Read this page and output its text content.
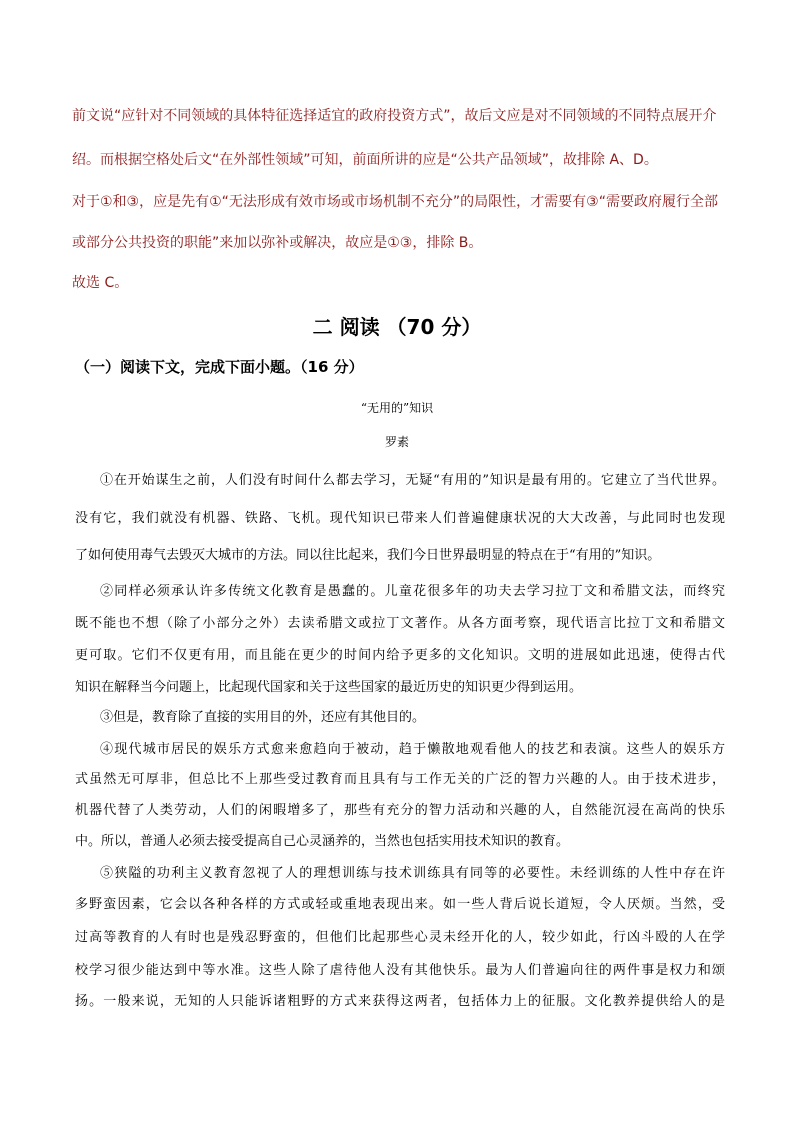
前文说“应针对不同领域的具体特征选择适宜的政府投资方式”，故后文应是对不同领域的不同特点展开介
绍。而根据空格处后文“在外部性领域”可知，前面所讲的应是“公共产品领域”，故排除 A、D。
对于①和③，应是先有①“无法形成有效市场或市场机制不充分”的局限性，才需要有③“需要政府履行全部
或部分公共投资的职能”来加以弥补或解决，故应是①③，排除 B。
故选 C。
二 阅读 （70 分）
（一）阅读下文，完成下面小题。（16 分）
“无用的”知识
罗素
①在开始谋生之前，人们没有时间什么都去学习，无疑“有用的”知识是最有用的。它建立了当代世界。
没有它，我们就没有机器、铁路、飞机。现代知识已带来人们普遍健康状况的大大改善，与此同时也发现
了如何使用毒气去毁灭大城市的方法。同以往比起来，我们今日世界最明显的特点在于“有用的”知识。
②同样必须承认许多传统文化教育是愚蠢的。儿童花很多年的功夫去学习拉丁文和希腊文法，而终究
既不能也不想（除了小部分之外）去读希腊文或拉丁文著作。从各方面考察，现代语言比拉丁文和希腊文
更可取。它们不仅更有用，而且能在更少的时间内给予更多的文化知识。文明的进展如此迅速，使得古代
知识在解释当今问题上，比起现代国家和关于这些国家的最近历史的知识更少得到运用。
③但是，教育除了直接的实用目的外，还应有其他目的。
④现代城市居民的娱乐方式愈来愈趋向于被动，趋于懒散地观看他人的技艺和表演。这些人的娱乐方
式虽然无可厚非，但总比不上那些受过教育而且具有与工作无关的广泛的智力兴趣的人。由于技术进步，
机器代替了人类劳动，人们的闲暇增多了，那些有充分的智力活动和兴趣的人，自然能沉浸在高尚的快乐
中。所以，普通人必须去接受提高自己心灵涵养的，当然也包括实用技术知识的教育。
⑤狭隘的功利主义教育忽视了人的理想训练与技术训练具有同等的必要性。未经训练的人性中存在许
多野蛮因素，它会以各种各样的方式或轻或重地表现出来。如一些人背后说长道短，令人厌烦。当然，受
过高等教育的人有时也是残忍野蛮的，但他们比起那些心灵未经开化的人，较少如此，行凶斗殴的人在学
校学习很少能达到中等水准。这些人除了虐待他人没有其他快乐。最为人们普遍向往的两件事是权力和颂
扬。一般来说，无知的人只能诉诸粗野的方式来获得这两者，包括体力上的征服。文化教养提供给人的是
